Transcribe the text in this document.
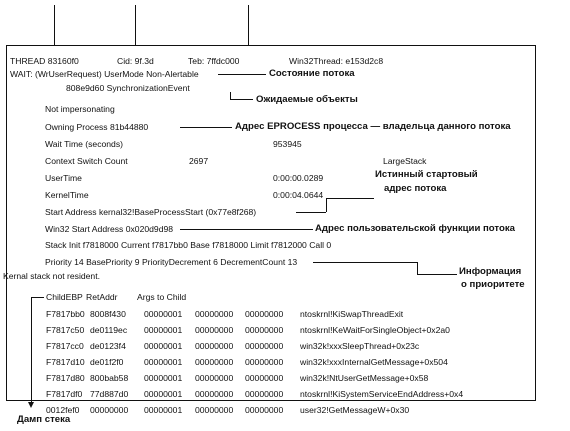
THREAD 83160f0	Cid: 9f.3d	Teb: 7ffdc000	Win32Thread: e153d2c8
WAIT: (WrUserRequest) UserMode Non-Alertable	Состояние потока
808e9d60 SynchronizationEvent
Ожидаемые объекты
Not impersonating
Owning Process 81b44880	Адрес EPROCESS процесса — владельца данного потока
Wait Time (seconds)	953945
Context Switch Count	2697	LargeStack
UserTime	0:00:00.0289	Истинный стартовый
KernelTime	0:00:04.0644
адрес потока
Start Address kernal32!BaseProcessStart (0x77e8f268)
Win32 Start Address 0x020d9d98	Адрес пользовательской функции потока
Stack Init f7818000 Current f7817bb0 Base f7818000 Limit f7812000 Call 0
Priority 14 BasePriority 9 PriorityDecrement 6 DecrementCount 13
Информация
о приоритете
Kernal stack not resident.
ChildEBP RetAddr Args to Child
F7817bb0 8008f430 00000001 00000000 00000000 ntoskrnl!KiSwapThreadExit
F7817c50 de0119ec 00000001 00000000 00000000 ntoskrnl!KeWaitForSingleObject+0x2a0
F7817cc0 de0123f4 00000001 00000000 00000000 win32k!xxxSleepThread+0x23c
F7817d10 de01f2f0 00000001 00000000 00000000 win32k!xxxInternalGetMessage+0x504
F7817d80 800bab58 00000001 00000000 00000000 win32k!NtUserGetMessage+0x58
F7817df0 77d887d0 00000001 00000000 00000000 ntoskrnl!KiSystemServiceEndAddress+0x4
0012fef0 00000000 00000001 00000000 00000000 user32!GetMessageW+0x30
Дамп стека
